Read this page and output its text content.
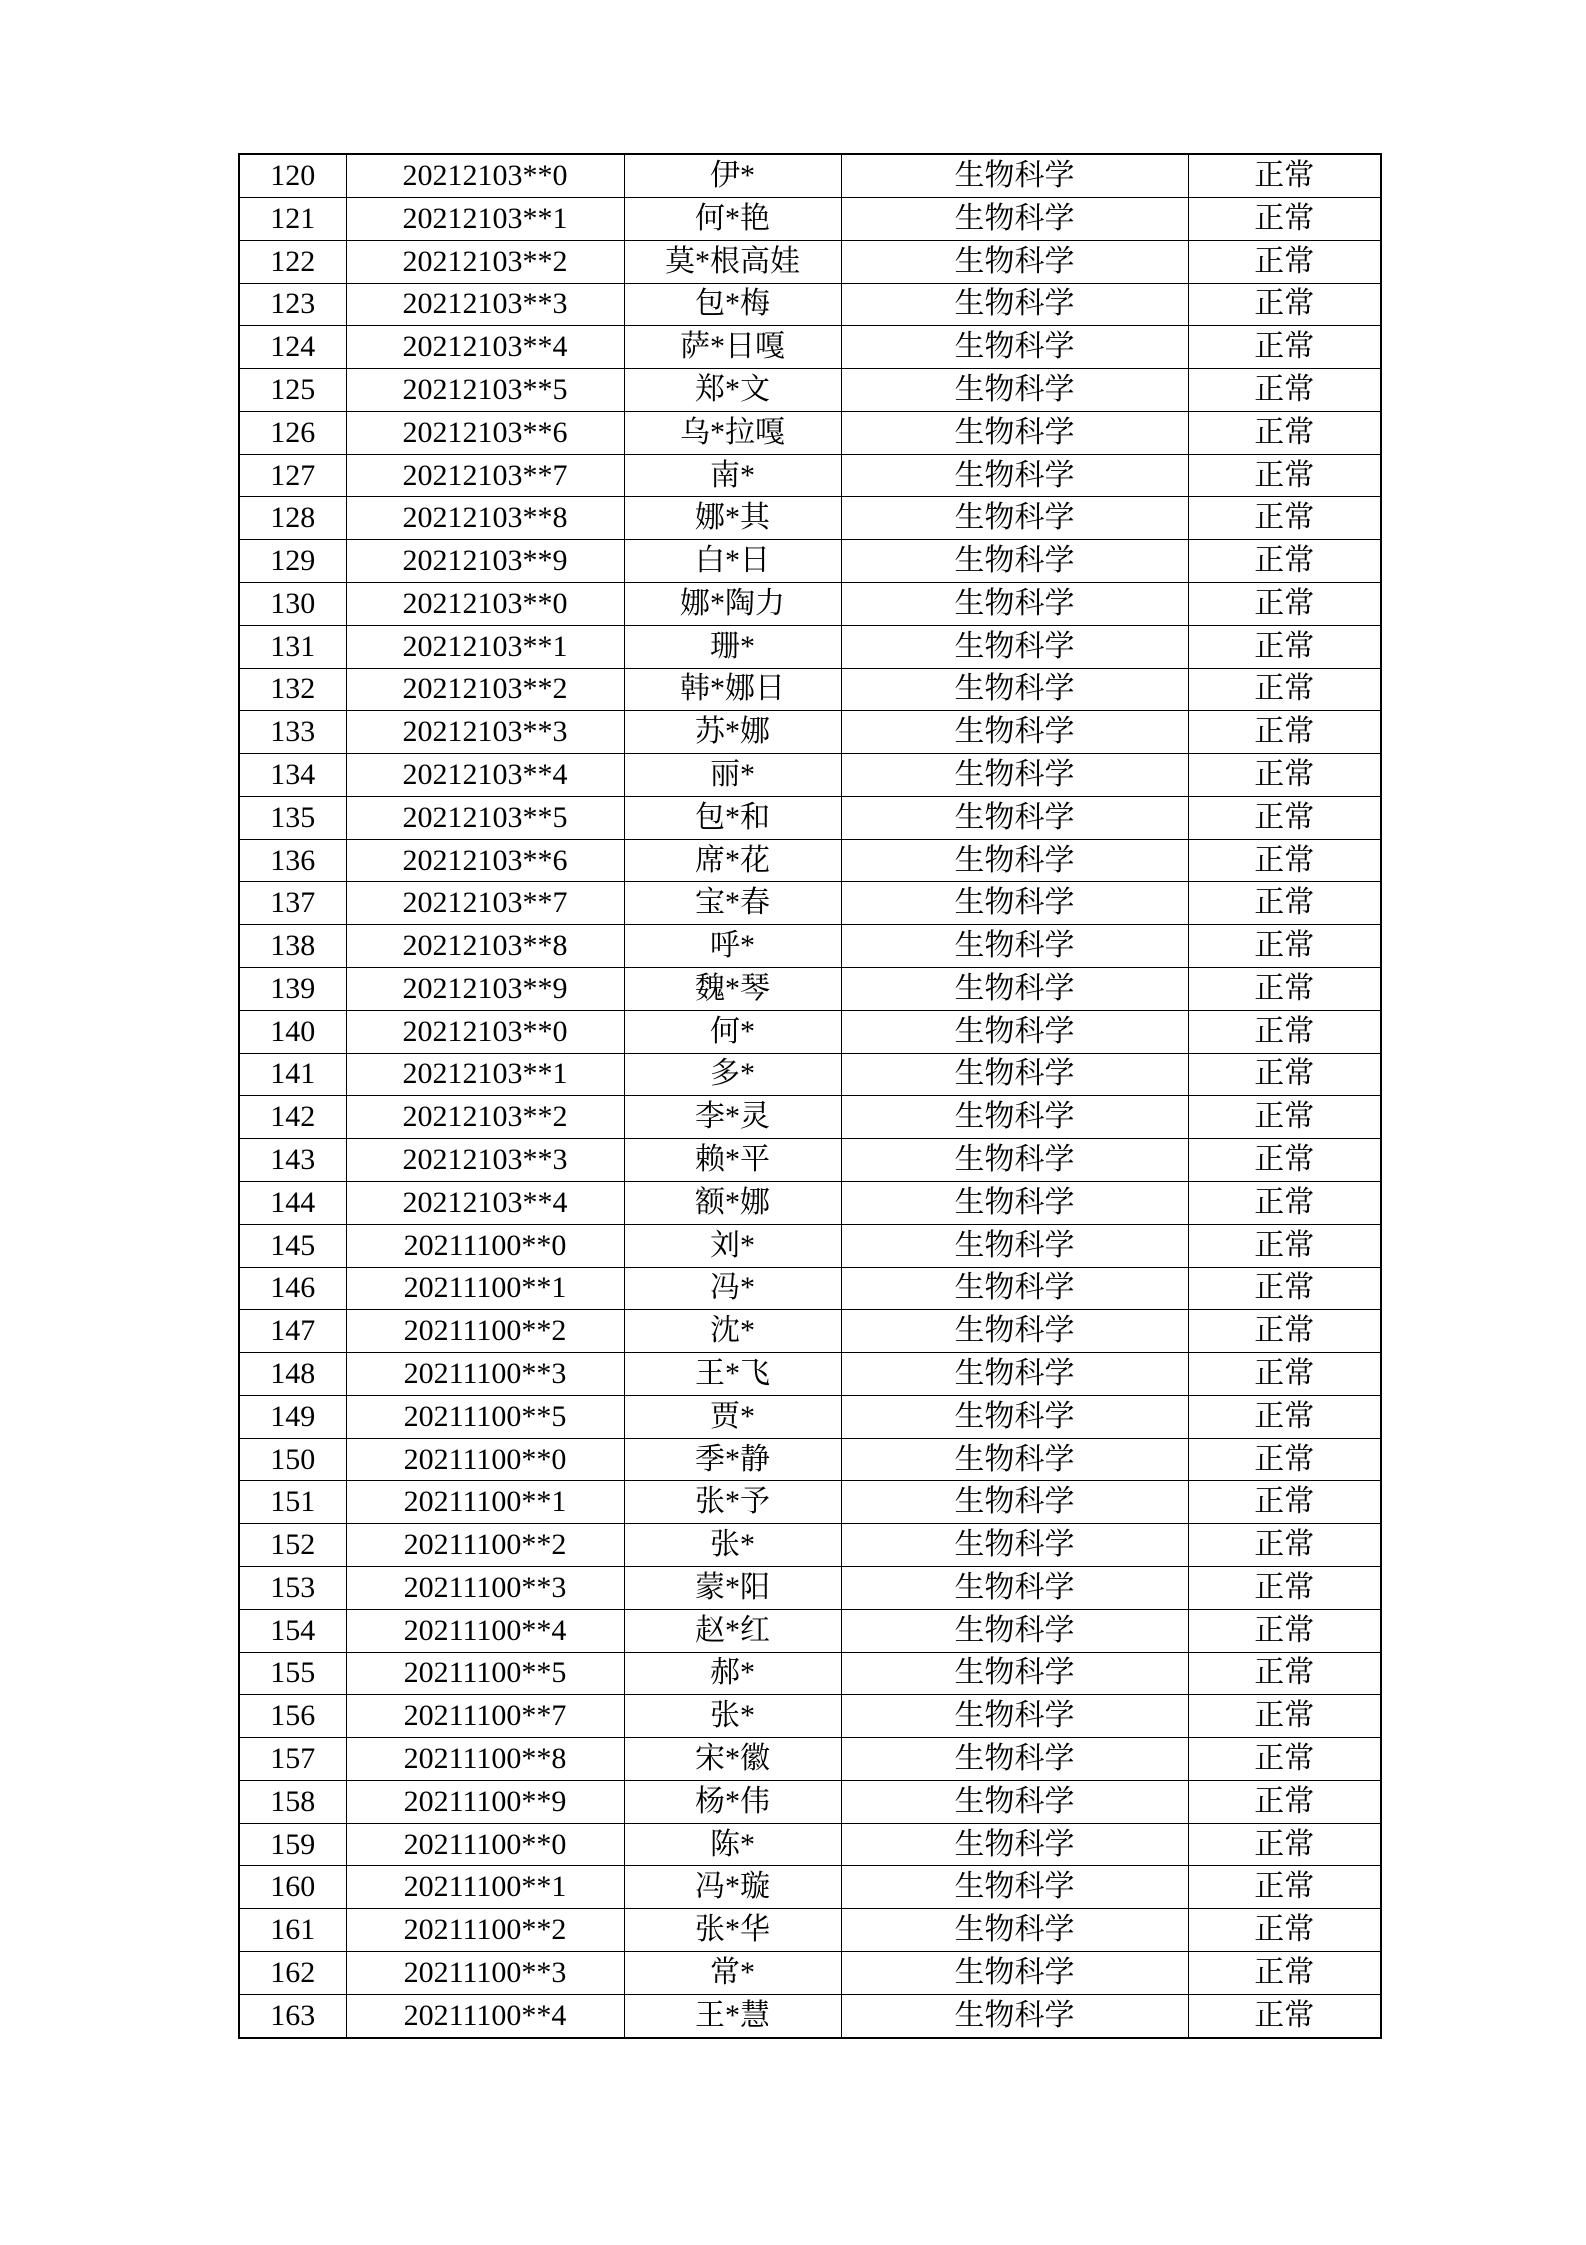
120	20212103**0	伊*	生物科学	正常
121	20212103**1	何*艳	生物科学	正常
122	20212103**2	莫*根高娃	生物科学	正常
123	20212103**3	包*梅	生物科学	正常
124	20212103**4	萨*日嘎	生物科学	正常
125	20212103**5	郑*文	生物科学	正常
126	20212103**6	乌*拉嘎	生物科学	正常
127	20212103**7	南*	生物科学	正常
128	20212103**8	娜*其	生物科学	正常
129	20212103**9	白*日	生物科学	正常
130	20212103**0	娜*陶力	生物科学	正常
131	20212103**1	珊*	生物科学	正常
132	20212103**2	韩*娜日	生物科学	正常
133	20212103**3	苏*娜	生物科学	正常
134	20212103**4	丽*	生物科学	正常
135	20212103**5	包*和	生物科学	正常
136	20212103**6	席*花	生物科学	正常
137	20212103**7	宝*春	生物科学	正常
138	20212103**8	呼*	生物科学	正常
139	20212103**9	魏*琴	生物科学	正常
140	20212103**0	何*	生物科学	正常
141	20212103**1	多*	生物科学	正常
142	20212103**2	李*灵	生物科学	正常
143	20212103**3	赖*平	生物科学	正常
144	20212103**4	额*娜	生物科学	正常
145	20211100**0	刘*	生物科学	正常
146	20211100**1	冯*	生物科学	正常
147	20211100**2	沈*	生物科学	正常
148	20211100**3	王*飞	生物科学	正常
149	20211100**5	贾*	生物科学	正常
150	20211100**0	季*静	生物科学	正常
151	20211100**1	张*予	生物科学	正常
152	20211100**2	张*	生物科学	正常
153	20211100**3	蒙*阳	生物科学	正常
154	20211100**4	赵*红	生物科学	正常
155	20211100**5	郝*	生物科学	正常
156	20211100**7	张*	生物科学	正常
157	20211100**8	宋*徽	生物科学	正常
158	20211100**9	杨*伟	生物科学	正常
159	20211100**0	陈*	生物科学	正常
160	20211100**1	冯*璇	生物科学	正常
161	20211100**2	张*华	生物科学	正常
162	20211100**3	常*	生物科学	正常
163	20211100**4	王*慧	生物科学	正常
